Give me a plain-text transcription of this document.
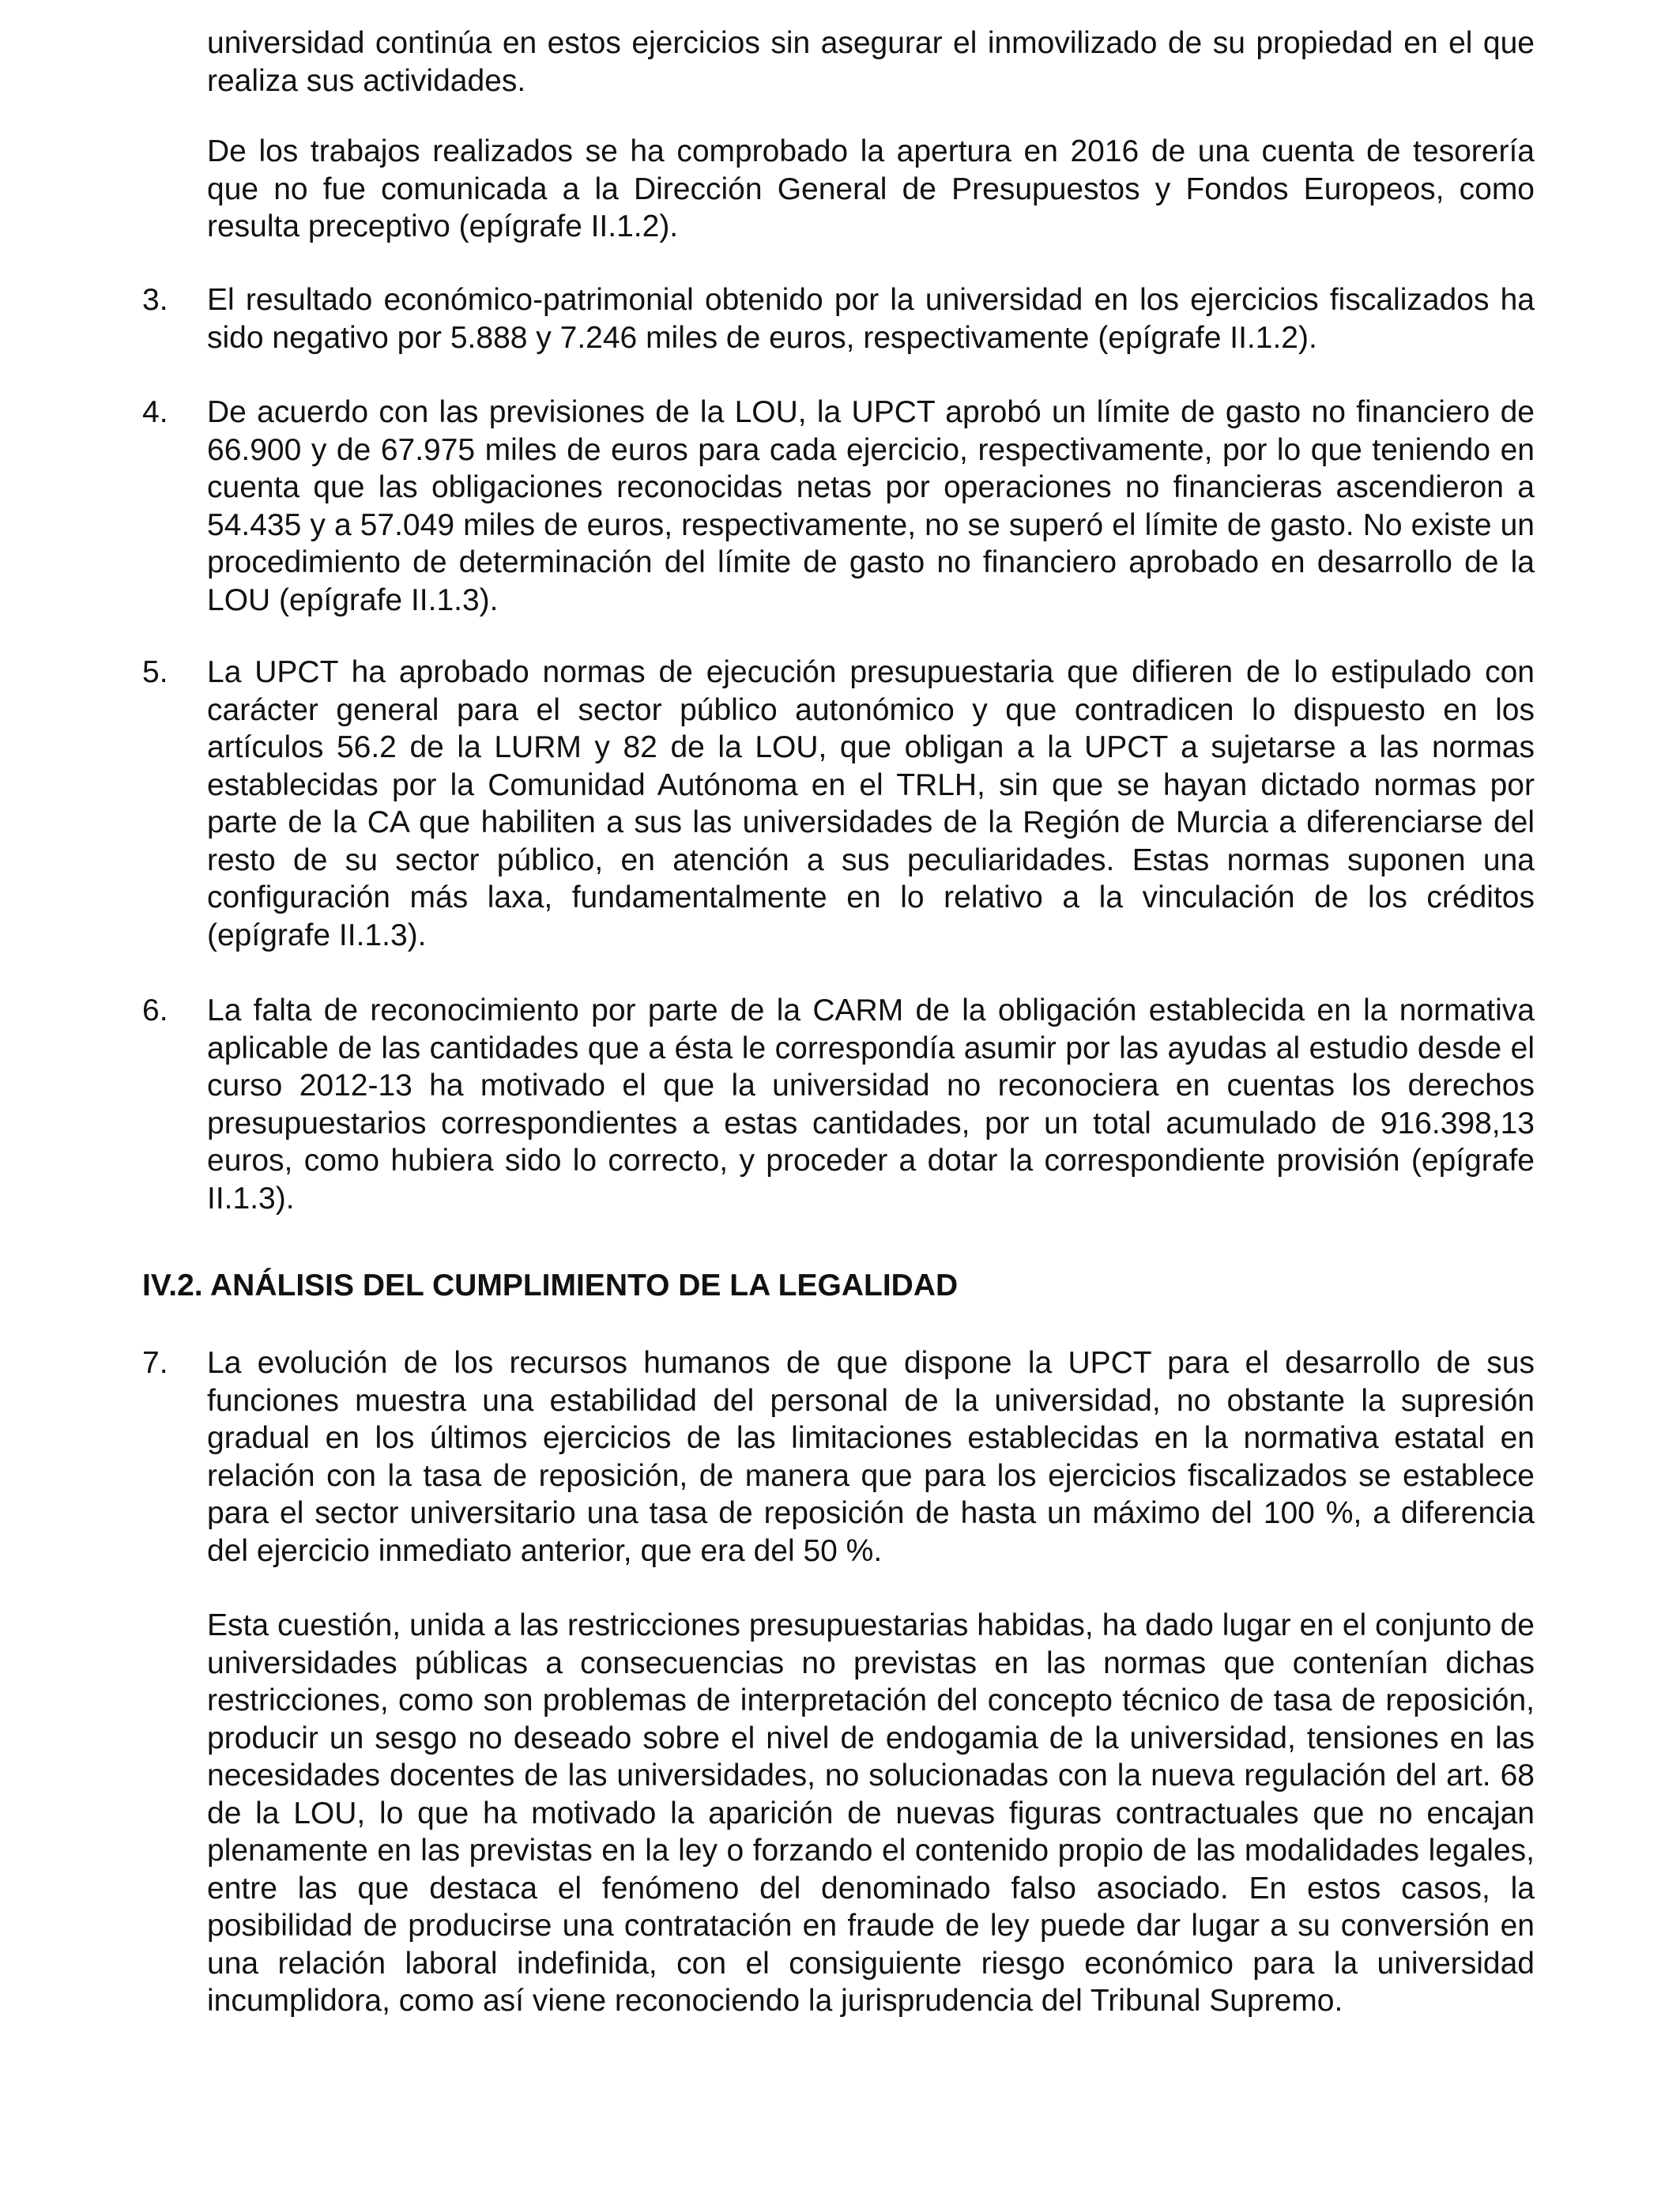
universidad continúa en estos ejercicios sin asegurar el inmovilizado de su propiedad en el que realiza sus actividades.

De los trabajos realizados se ha comprobado la apertura en 2016 de una cuenta de tesorería que no fue comunicada a la Dirección General de Presupuestos y Fondos Europeos, como resulta preceptivo (epígrafe II.1.2).

3. El resultado económico-patrimonial obtenido por la universidad en los ejercicios fiscalizados ha sido negativo por 5.888 y 7.246 miles de euros, respectivamente (epígrafe II.1.2).

4. De acuerdo con las previsiones de la LOU, la UPCT aprobó un límite de gasto no financiero de 66.900 y de 67.975 miles de euros para cada ejercicio, respectivamente, por lo que teniendo en cuenta que las obligaciones reconocidas netas por operaciones no financieras ascendieron a 54.435 y a 57.049 miles de euros, respectivamente, no se superó el límite de gasto. No existe un procedimiento de determinación del límite de gasto no financiero aprobado en desarrollo de la LOU (epígrafe II.1.3).

5. La UPCT ha aprobado normas de ejecución presupuestaria que difieren de lo estipulado con carácter general para el sector público autonómico y que contradicen lo dispuesto en los artículos 56.2 de la LURM y 82 de la LOU, que obligan a la UPCT a sujetarse a las normas establecidas por la Comunidad Autónoma en el TRLH, sin que se hayan dictado normas por parte de la CA que habiliten a sus las universidades de la Región de Murcia a diferenciarse del resto de su sector público, en atención a sus peculiaridades. Estas normas suponen una configuración más laxa, fundamentalmente en lo relativo a la vinculación de los créditos (epígrafe II.1.3).

6. La falta de reconocimiento por parte de la CARM de la obligación establecida en la normativa aplicable de las cantidades que a ésta le correspondía asumir por las ayudas al estudio desde el curso 2012-13 ha motivado el que la universidad no reconociera en cuentas los derechos presupuestarios correspondientes a estas cantidades, por un total acumulado de 916.398,13 euros, como hubiera sido lo correcto, y proceder a dotar la correspondiente provisión (epígrafe II.1.3).

IV.2. ANÁLISIS DEL CUMPLIMIENTO DE LA LEGALIDAD
7. La evolución de los recursos humanos de que dispone la UPCT para el desarrollo de sus funciones muestra una estabilidad del personal de la universidad, no obstante la supresión gradual en los últimos ejercicios de las limitaciones establecidas en la normativa estatal en relación con la tasa de reposición, de manera que para los ejercicios fiscalizados se establece para el sector universitario una tasa de reposición de hasta un máximo del 100 %, a diferencia del ejercicio inmediato anterior, que era del 50 %.

Esta cuestión, unida a las restricciones presupuestarias habidas, ha dado lugar en el conjunto de universidades públicas a consecuencias no previstas en las normas que contenían dichas restricciones, como son problemas de interpretación del concepto técnico de tasa de reposición, producir un sesgo no deseado sobre el nivel de endogamia de la universidad, tensiones en las necesidades docentes de las universidades, no solucionadas con la nueva regulación del art. 68 de la LOU, lo que ha motivado la aparición de nuevas figuras contractuales que no encajan plenamente en las previstas en la ley o forzando el contenido propio de las modalidades legales, entre las que destaca el fenómeno del denominado falso asociado. En estos casos, la posibilidad de producirse una contratación en fraude de ley puede dar lugar a su conversión en una relación laboral indefinida, con el consiguiente riesgo económico para la universidad incumplidora, como así viene reconociendo la jurisprudencia del Tribunal Supremo.
